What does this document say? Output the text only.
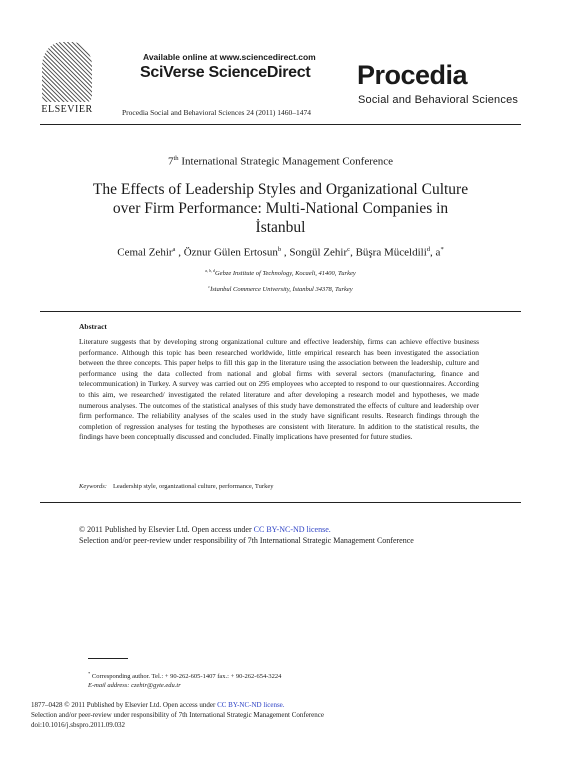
ELSEVIER
Available online at www.sciencedirect.com
SciVerse ScienceDirect
Procedia Social and Behavioral Sciences 24 (2011) 1460–1474
Procedia
Social and Behavioral Sciences
7th International Strategic Management Conference
The Effects of Leadership Styles and Organizational Culture
over Firm Performance: Multi-National Companies in
İstanbul
Cemal Zehir$^a$ , Öznur Gülen Ertosun$^b$ , Songül Zehir$^c$, Büşra Müceldili$^d$, a*
$^{a, b, d}$Gebze Institute of Technology, Kocaeli, 41400, Turkey
$^c$İstanbul Commerce University, İstanbul 34378, Turkey
Abstract
Literature suggests that by developing strong organizational culture and effective leadership, firms can achieve effective business performance. Although this topic has been researched worldwide, little empirical research has been investigated the association between the three concepts. This paper helps to fill this gap in the literature using the association between the leadership, culture and performance using the data collected from national and global firms with several sectors (manufacturing, finance and telecommunication) in Turkey. A survey was carried out on 295 employees who accepted to respond to our questionnaires. According to this aim, we researched/ investigated the related literature and after developing a research model and hypotheses, we made numerous analyses. The outcomes of the statistical analyses of this study have demonstrated the effects of culture and leadership over firm performance. The reliability analyses of the scales used in the study have significant results. Research findings through the completion of regression analyses for testing the hypotheses are consistent with literature. In addition to the statistical results, the findings have been conceptually discussed and concluded. Finally implications have presented for future studies.
Keywords: Leadership style, organizational culture, performance, Turkey
© 2011 Published by Elsevier Ltd. Open access under CC BY-NC-ND license.
Selection and/or peer-review under responsibility of 7th International Strategic Management Conference
* Corresponding author. Tel.: + 90-262-605-1407 fax.: + 90-262-654-3224
E-mail address: czehir@gyte.edu.tr
1877–0428 © 2011 Published by Elsevier Ltd. Open access under CC BY-NC-ND license.
Selection and/or peer-review under responsibility of 7th International Strategic Management Conference
doi:10.1016/j.sbspro.2011.09.032
